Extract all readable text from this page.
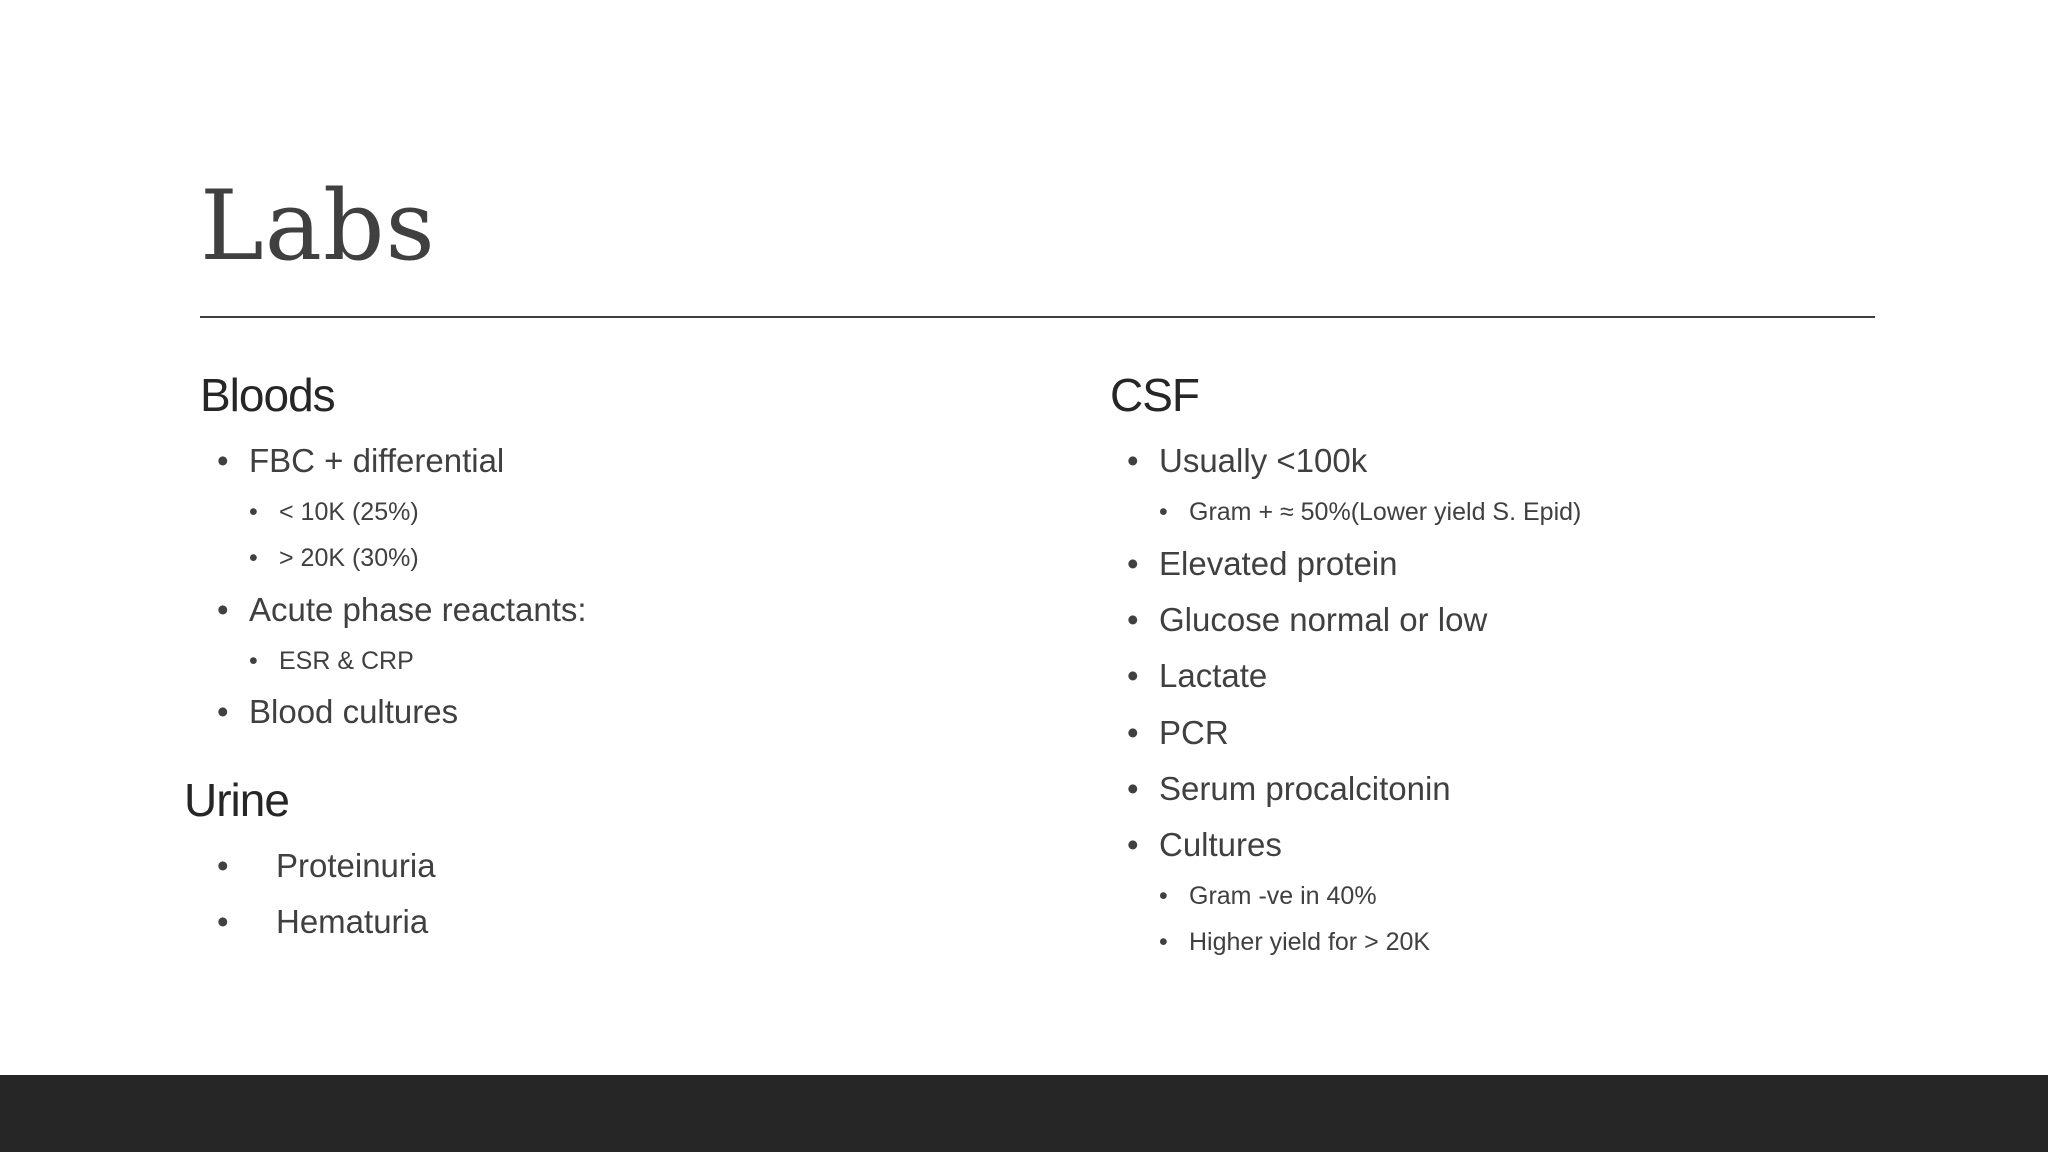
Labs
Bloods
• FBC + differential
• < 10K (25%)
• > 20K (30%)
• Acute phase reactants:
• ESR & CRP
• Blood cultures
Urine
• Proteinuria
• Hematuria
CSF
• Usually <100k
• Gram + ≈ 50%(Lower yield S. Epid)
• Elevated protein
• Glucose normal or low
• Lactate
• PCR
• Serum procalcitonin
• Cultures
• Gram -ve in 40%
• Higher yield for > 20K
